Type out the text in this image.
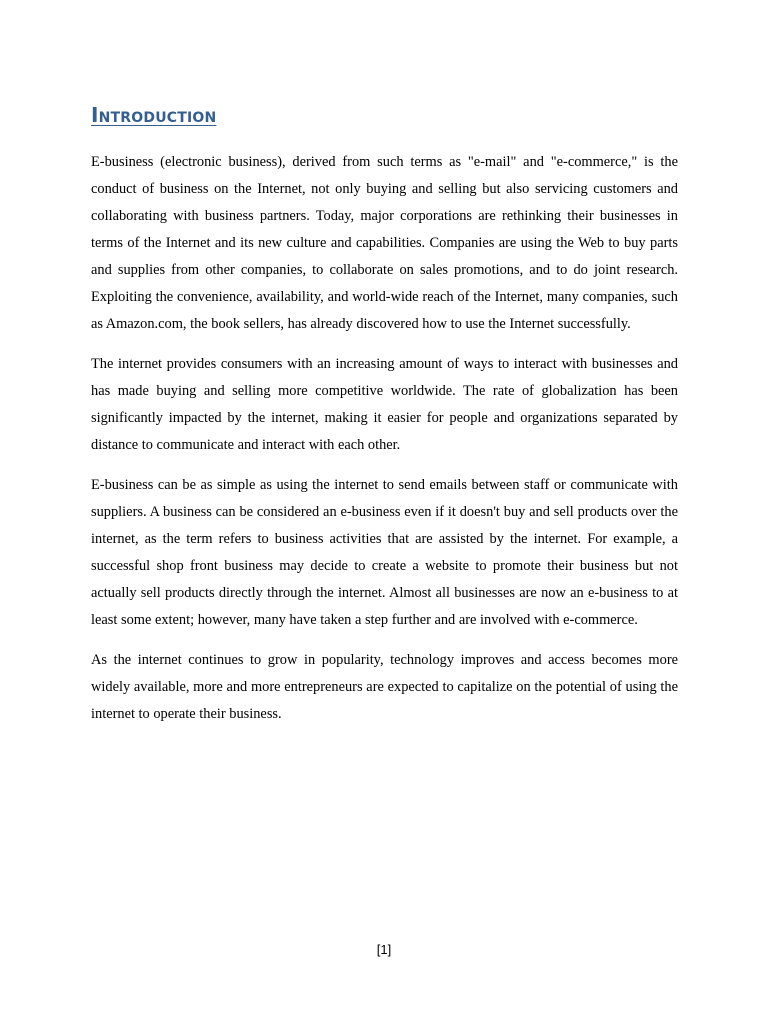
Introduction

E-business (electronic business), derived from such terms as "e-mail" and "e-commerce," is the conduct of business on the Internet, not only buying and selling but also servicing customers and collaborating with business partners. Today, major corporations are rethinking their businesses in terms of the Internet and its new culture and capabilities. Companies are using the Web to buy parts and supplies from other companies, to collaborate on sales promotions, and to do joint research. Exploiting the convenience, availability, and world-wide reach of the Internet, many companies, such as Amazon.com, the book sellers, has already discovered how to use the Internet successfully.

The internet provides consumers with an increasing amount of ways to interact with businesses and has made buying and selling more competitive worldwide. The rate of globalization has been significantly impacted by the internet, making it easier for people and organizations separated by distance to communicate and interact with each other.

E-business can be as simple as using the internet to send emails between staff or communicate with suppliers. A business can be considered an e-business even if it doesn't buy and sell products over the internet, as the term refers to business activities that are assisted by the internet. For example, a successful shop front business may decide to create a website to promote their business but not actually sell products directly through the internet. Almost all businesses are now an e-business to at least some extent; however, many have taken a step further and are involved with e-commerce.

As the internet continues to grow in popularity, technology improves and access becomes more widely available, more and more entrepreneurs are expected to capitalize on the potential of using the internet to operate their business.

[1]
